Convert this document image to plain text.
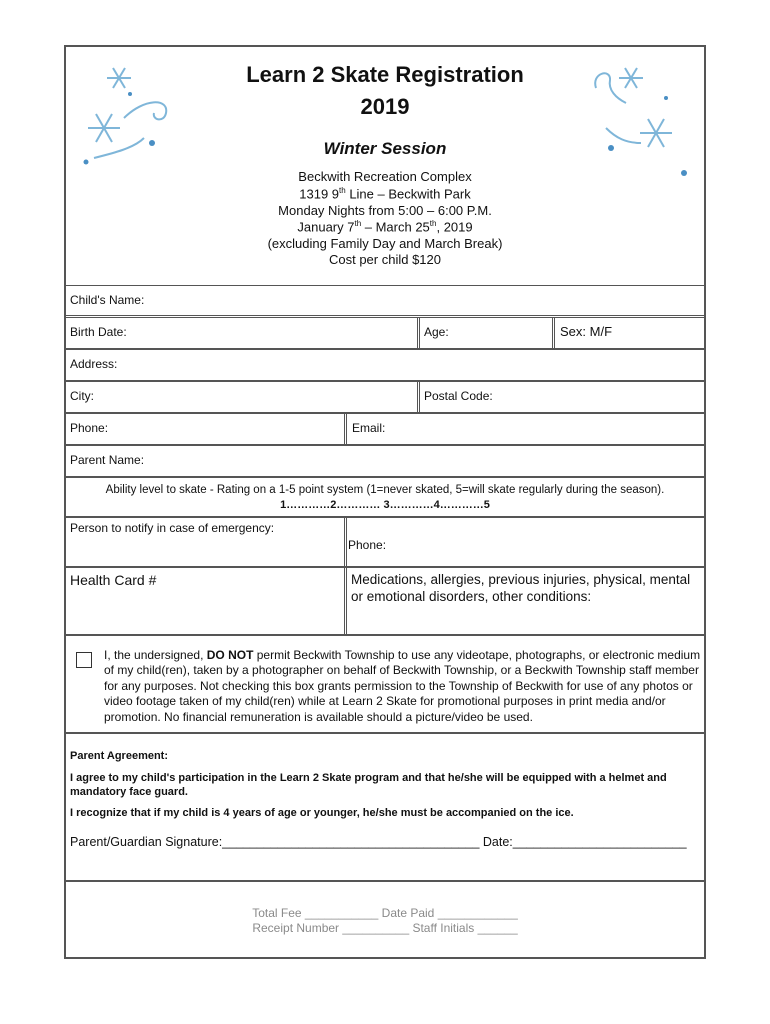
Learn 2 Skate Registration
2019
Winter Session
Beckwith Recreation Complex
1319 9th Line – Beckwith Park
Monday Nights from 5:00 – 6:00 P.M.
January 7th – March 25th, 2019
(excluding Family Day and March Break)
Cost per child $120
Child's Name:
Birth Date:	Age:	Sex: M/F
Address:
City:	Postal Code:
Phone:	Email:
Parent Name:
Ability level to skate - Rating on a 1-5 point system (1=never skated, 5=will skate regularly during the season).
1…………2………… 3…………4…………5
Person to notify in case of emergency:
Phone:
Health Card #	Medications, allergies, previous injuries, physical, mental or emotional disorders, other conditions:
I, the undersigned, DO NOT permit Beckwith Township to use any videotape, photographs, or electronic medium of my child(ren), taken by a photographer on behalf of Beckwith Township, or a Beckwith Township staff member for any purposes. Not checking this box grants permission to the Township of Beckwith for use of any photos or video footage taken of my child(ren) while at Learn 2 Skate for promotional purposes in print media and/or promotion. No financial remuneration is available should a picture/video be used.
Parent Agreement:
I agree to my child's participation in the Learn 2 Skate program and that he/she will be equipped with a helmet and mandatory face guard.
I recognize that if my child is 4 years of age or younger, he/she must be accompanied on the ice.
Parent/Guardian Signature:_____________________________________ Date:_________________________
Total Fee ___________ Date Paid ____________
Receipt Number __________ Staff Initials ______
